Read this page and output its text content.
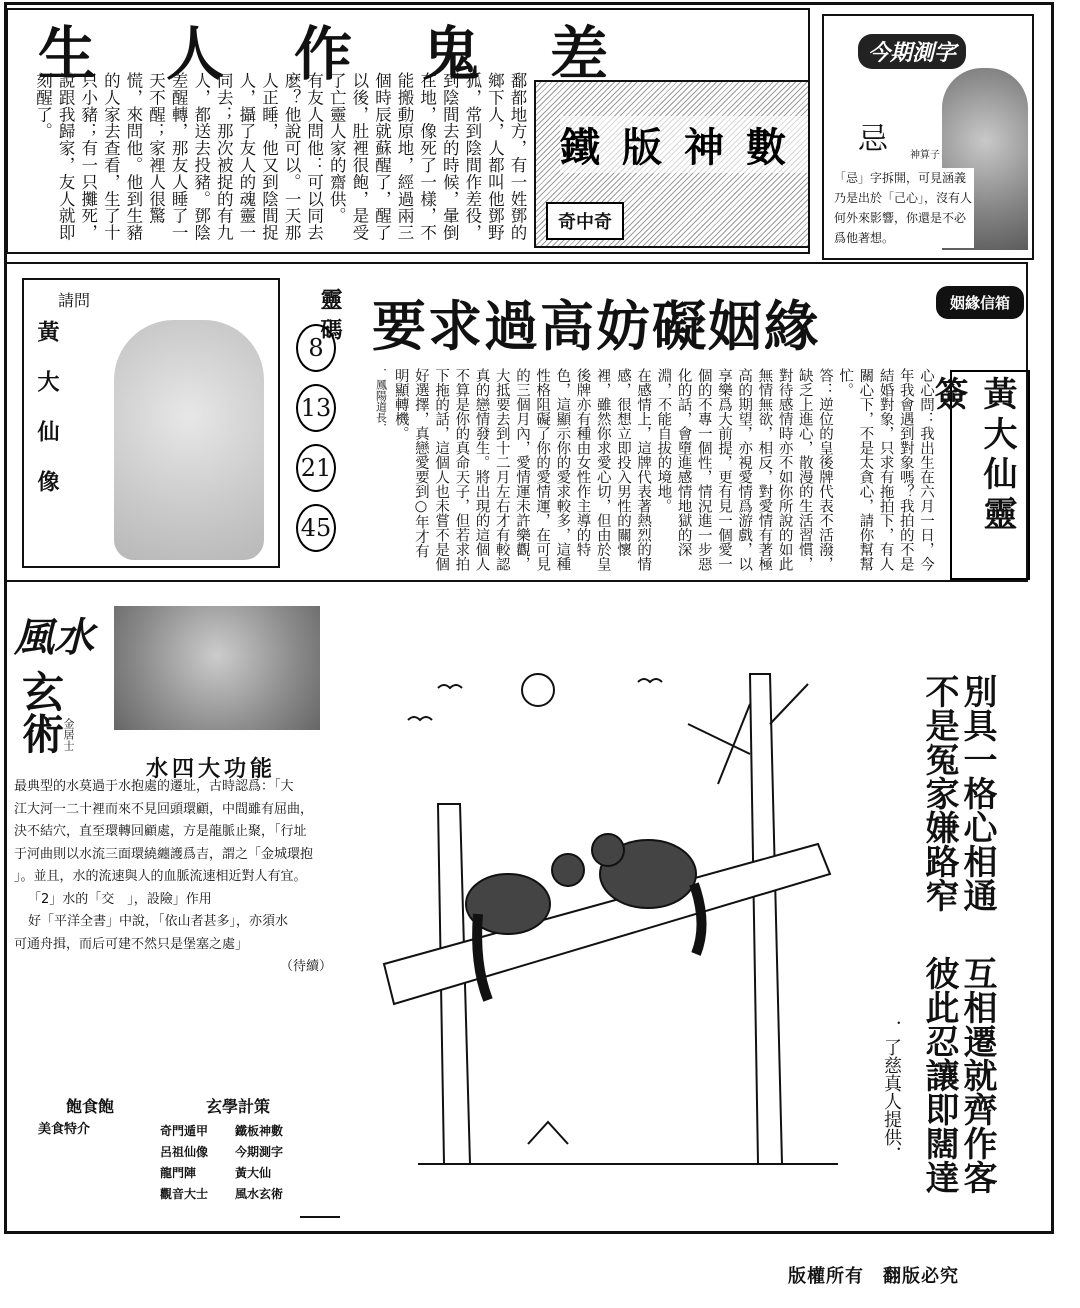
生人作鬼差

鄱都地方，有一姓鄧的鄉下人，人都叫他鄧野狐，常到陰間作差役，到陰間去的時候，暈倒在地，像死了一樣，不能搬動原地，經過兩三個時辰就蘇醒了，醒了以後，肚裡很飽，是受了亡靈人家的齋供。

有友人問他：可以同去麽？他說可以。一天那人正睡，他又到陰間捉人，攝了友人的魂靈一同去；那次被捉的有九人，都送去投豬。鄧陰差醒轉，那友人睡了一天不醒；家裡人很驚慌，來問他。他到生豬的人家去查看，生了十只小豬；有一只攤死，說跟我歸家，友人就即刻醒了。

鐵版神數
奇中奇
今期測字
忌 神算子
「忌」字拆開，可見涵義乃是出於「己心」，沒有人何外來影響，你還是不必爲他著想。
請問
黃大仙像
靈碼
8
13
21
45
要求過高妨礙姻緣	姻緣信箱
黃大仙靈簽

心心問：我出生在六月一日，今年我會遇到對象嗎？我拍的不是結婚對象，只求有拖拍下，有人關心下，不是太貪心，請你幫幫忙。

答：逆位的皇後牌代表不活潑，缺乏上進心，散漫的生活習慣，對待感情時亦不如你所說的如此無情無欲，相反，對愛情有著極高的期望，亦視愛情爲游戲，以享樂爲大前提，更有見一個愛一個的不專一個性，情況進一步惡化的話，會墮進感情地獄的深淵，不能自拔的境地。

在感情上，這牌代表著熱烈的情感，很想立即投入男性的關懷裡，雖然你求愛心切，但由於皇後牌亦有種由女性作主導的特色，這顯示你的愛求較多，這種性格阻礙了你的愛情運，在可見的三個月內，愛情運未許樂觀，大抵要去到十二月左右才有較認真的戀情發生。將出現的這個人不算是你的真命天子，但若求拍下拖的話，這個人也未嘗不是個好選擇，真戀愛要到○年才有明顯轉機。

．鳳陽道長．

風水
玄術
金居士
水四大功能
最典型的水莫過于水抱處的遷址，古時認爲：「大
江大河一二十裡而來不見回頭環顧，中間雖有屈曲，
決不結穴，直至環轉回顧處，方是龍脈止聚，「行址
于河曲則以水流三面環繞纏護爲吉，謂之「金城環抱
」。並且，水的流速與人的血脈流速相近對人有宜。
「2」水的「交　」，設險」作用
好「平洋全書」中說，「依山者甚多」，亦須水
可通舟揖，而后可建不然只是堡塞之處」
（待續）
別具一格心相通
不是冤家嫌路窄
互相遷就齊作客
彼此忍讓即闊達
．了慈真人提供．
飽食飽
美食特介
玄學計策
奇門遁甲	鐵板神數
呂祖仙像	今期測字
龍門陣	黃大仙
觀音大士	風水玄術
版權所有　翻版必究
